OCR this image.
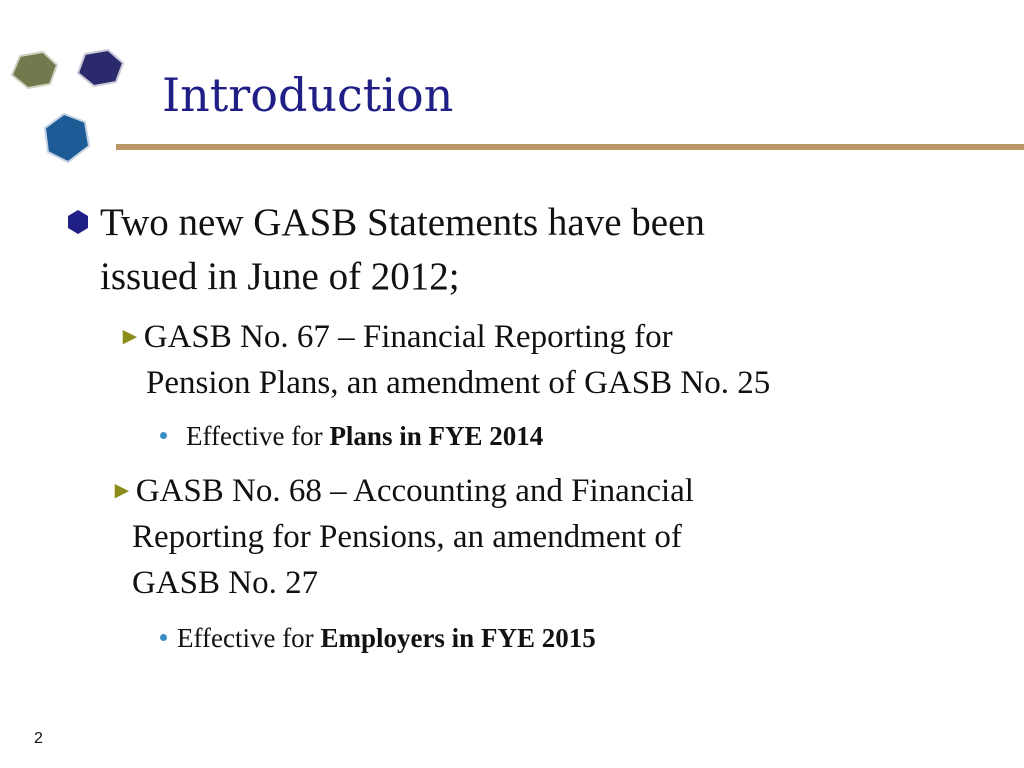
Introduction
Two new GASB Statements have been
issued in June of 2012;
►GASB No. 67 – Financial Reporting for
Pension Plans, an amendment of GASB No. 25
Effective for Plans in FYE 2014
►GASB No. 68 – Accounting and Financial
Reporting for Pensions, an amendment of
GASB No. 27
Effective for Employers in FYE 2015
2
